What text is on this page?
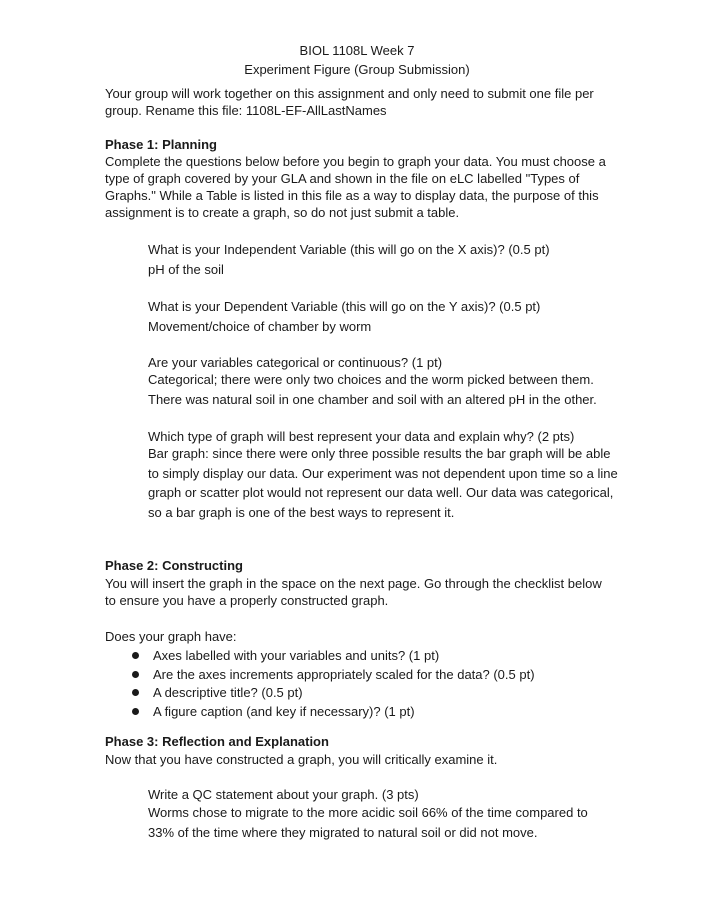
BIOL 1108L Week 7
Experiment Figure (Group Submission)
Your group will work together on this assignment and only need to submit one file per group. Rename this file: 1108L-EF-AllLastNames
Phase 1: Planning
Complete the questions below before you begin to graph your data. You must choose a type of graph covered by your GLA and shown in the file on eLC labelled "Types of Graphs." While a Table is listed in this file as a way to display data, the purpose of this assignment is to create a graph, so do not just submit a table.
What is your Independent Variable (this will go on the X axis)? (0.5 pt)
pH of the soil
What is your Dependent Variable (this will go on the Y axis)? (0.5 pt)
Movement/choice of chamber by worm
Are your variables categorical or continuous? (1 pt)
Categorical; there were only two choices and the worm picked between them. There was natural soil in one chamber and soil with an altered pH in the other.
Which type of graph will best represent your data and explain why? (2 pts)
Bar graph: since there were only three possible results the bar graph will be able to simply display our data. Our experiment was not dependent upon time so a line graph or scatter plot would not represent our data well. Our data was categorical, so a bar graph is one of the best ways to represent it.
Phase 2: Constructing
You will insert the graph in the space on the next page. Go through the checklist below to ensure you have a properly constructed graph.
Does your graph have:
Axes labelled with your variables and units? (1 pt)
Are the axes increments appropriately scaled for the data? (0.5 pt)
A descriptive title? (0.5 pt)
A figure caption (and key if necessary)? (1 pt)
Phase 3: Reflection and Explanation
Now that you have constructed a graph, you will critically examine it.
Write a QC statement about your graph. (3 pts)
Worms chose to migrate to the more acidic soil 66% of the time compared to 33% of the time where they migrated to natural soil or did not move.
